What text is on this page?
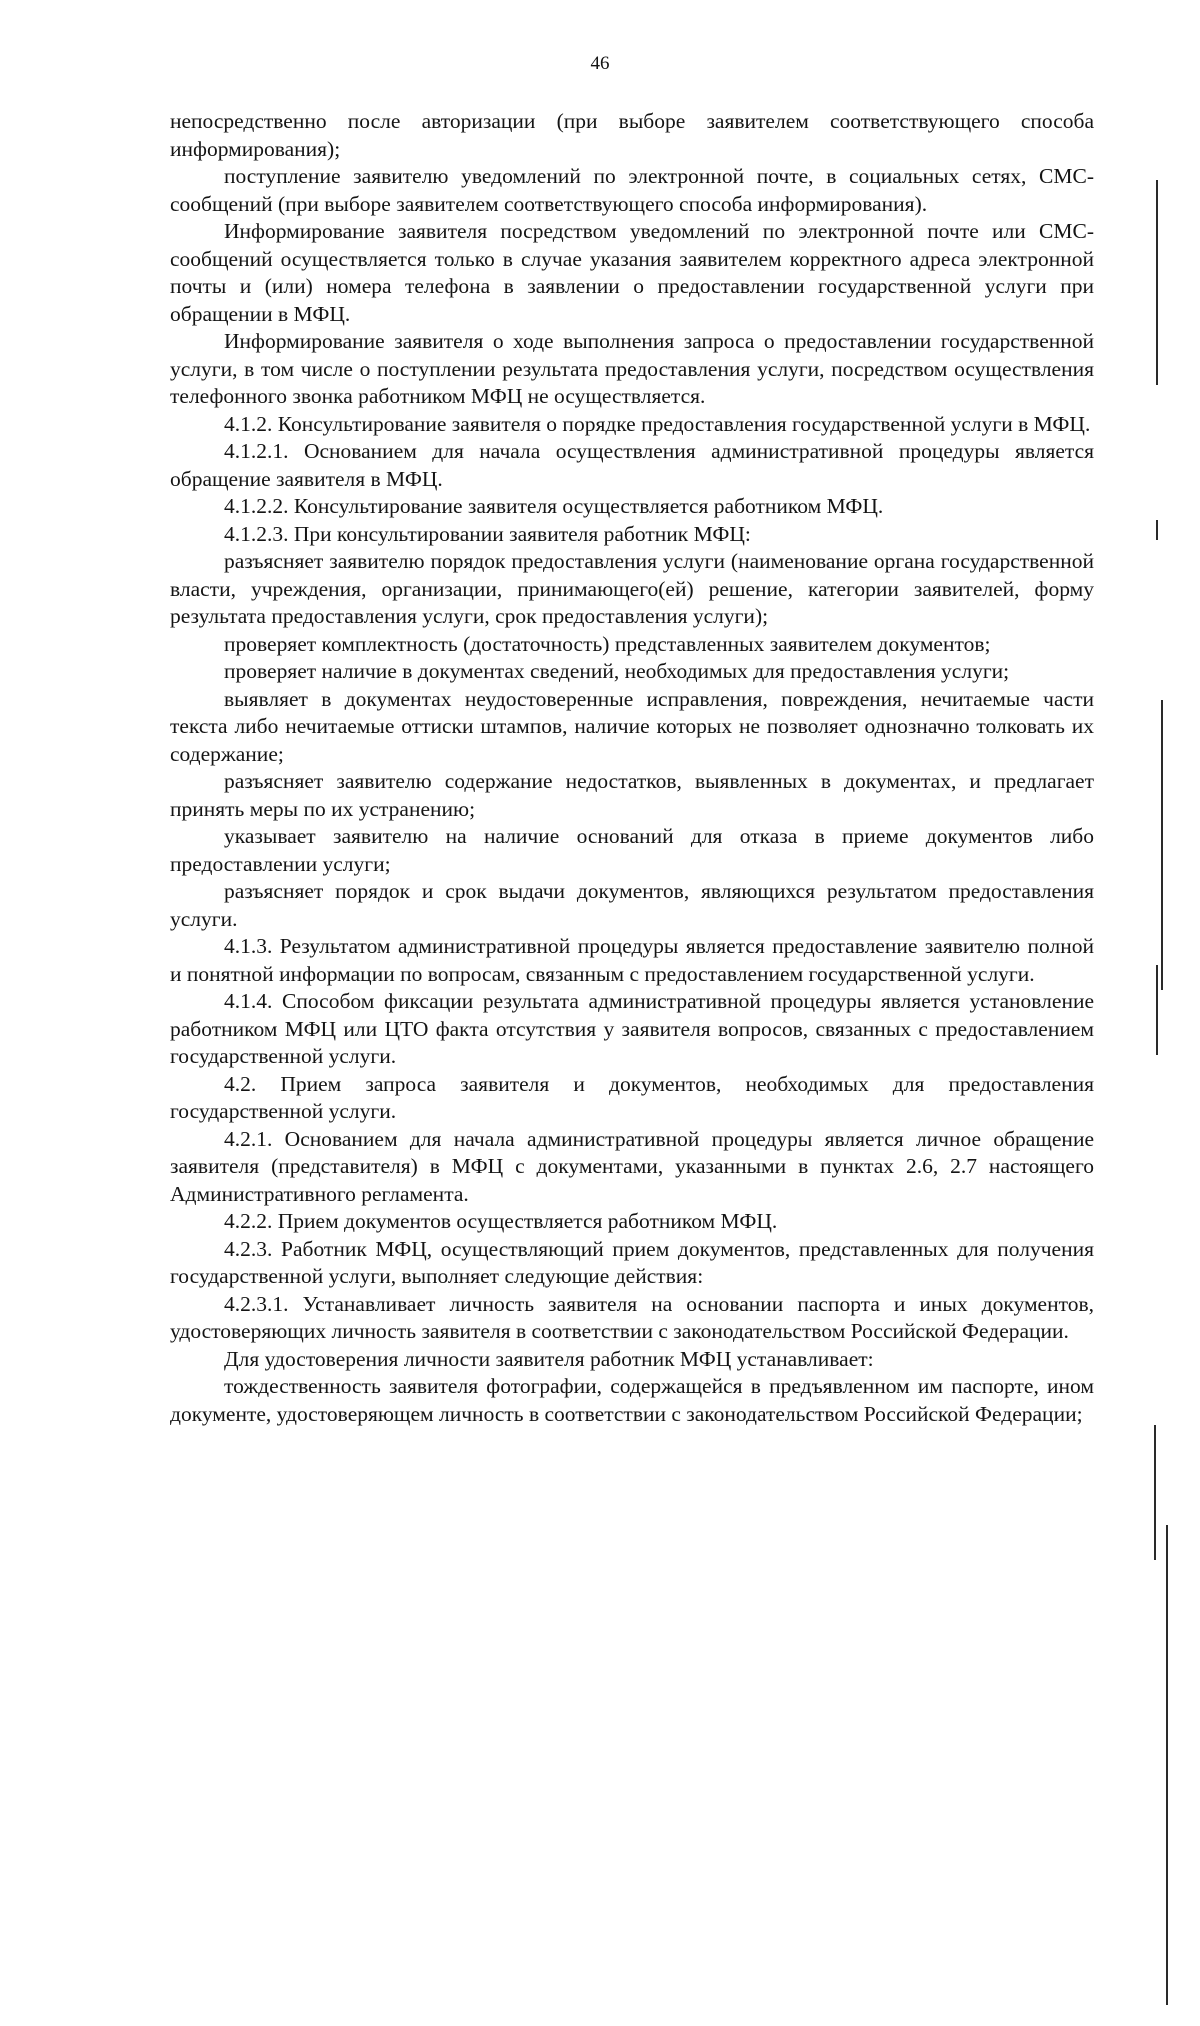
46

непосредственно после авторизации (при выборе заявителем соответствующего способа информирования);

поступление заявителю уведомлений по электронной почте, в социальных сетях, СМС-сообщений (при выборе заявителем соответствующего способа информирования).

Информирование заявителя посредством уведомлений по электронной почте или СМС-сообщений осуществляется только в случае указания заявителем корректного адреса электронной почты и (или) номера телефона в заявлении о предоставлении государственной услуги при обращении в МФЦ.

Информирование заявителя о ходе выполнения запроса о предоставлении государственной услуги, в том числе о поступлении результата предоставления услуги, посредством осуществления телефонного звонка работником МФЦ не осуществляется.

4.1.2. Консультирование заявителя о порядке предоставления государственной услуги в МФЦ.

4.1.2.1. Основанием для начала осуществления административной процедуры является обращение заявителя в МФЦ.

4.1.2.2. Консультирование заявителя осуществляется работником МФЦ.

4.1.2.3. При консультировании заявителя работник МФЦ:

разъясняет заявителю порядок предоставления услуги (наименование органа государственной власти, учреждения, организации, принимающего(ей) решение, категории заявителей, форму результата предоставления услуги, срок предоставления услуги);

проверяет комплектность (достаточность) представленных заявителем документов;

проверяет наличие в документах сведений, необходимых для предоставления услуги;

выявляет в документах неудостоверенные исправления, повреждения, нечитаемые части текста либо нечитаемые оттиски штампов, наличие которых не позволяет однозначно толковать их содержание;

разъясняет заявителю содержание недостатков, выявленных в документах, и предлагает принять меры по их устранению;

указывает заявителю на наличие оснований для отказа в приеме документов либо предоставлении услуги;

разъясняет порядок и срок выдачи документов, являющихся результатом предоставления услуги.

4.1.3. Результатом административной процедуры является предоставление заявителю полной и понятной информации по вопросам, связанным с предоставлением государственной услуги.

4.1.4. Способом фиксации результата административной процедуры является установление работником МФЦ или ЦТО факта отсутствия у заявителя вопросов, связанных с предоставлением государственной услуги.

4.2. Прием запроса заявителя и документов, необходимых для предоставления государственной услуги.

4.2.1. Основанием для начала административной процедуры является личное обращение заявителя (представителя) в МФЦ с документами, указанными в пунктах 2.6, 2.7 настоящего Административного регламента.

4.2.2. Прием документов осуществляется работником МФЦ.

4.2.3. Работник МФЦ, осуществляющий прием документов, представленных для получения государственной услуги, выполняет следующие действия:

4.2.3.1. Устанавливает личность заявителя на основании паспорта и иных документов, удостоверяющих личность заявителя в соответствии с законодательством Российской Федерации.

Для удостоверения личности заявителя работник МФЦ устанавливает:

тождественность заявителя фотографии, содержащейся в предъявленном им паспорте, ином документе, удостоверяющем личность в соответствии с законодательством Российской Федерации;
